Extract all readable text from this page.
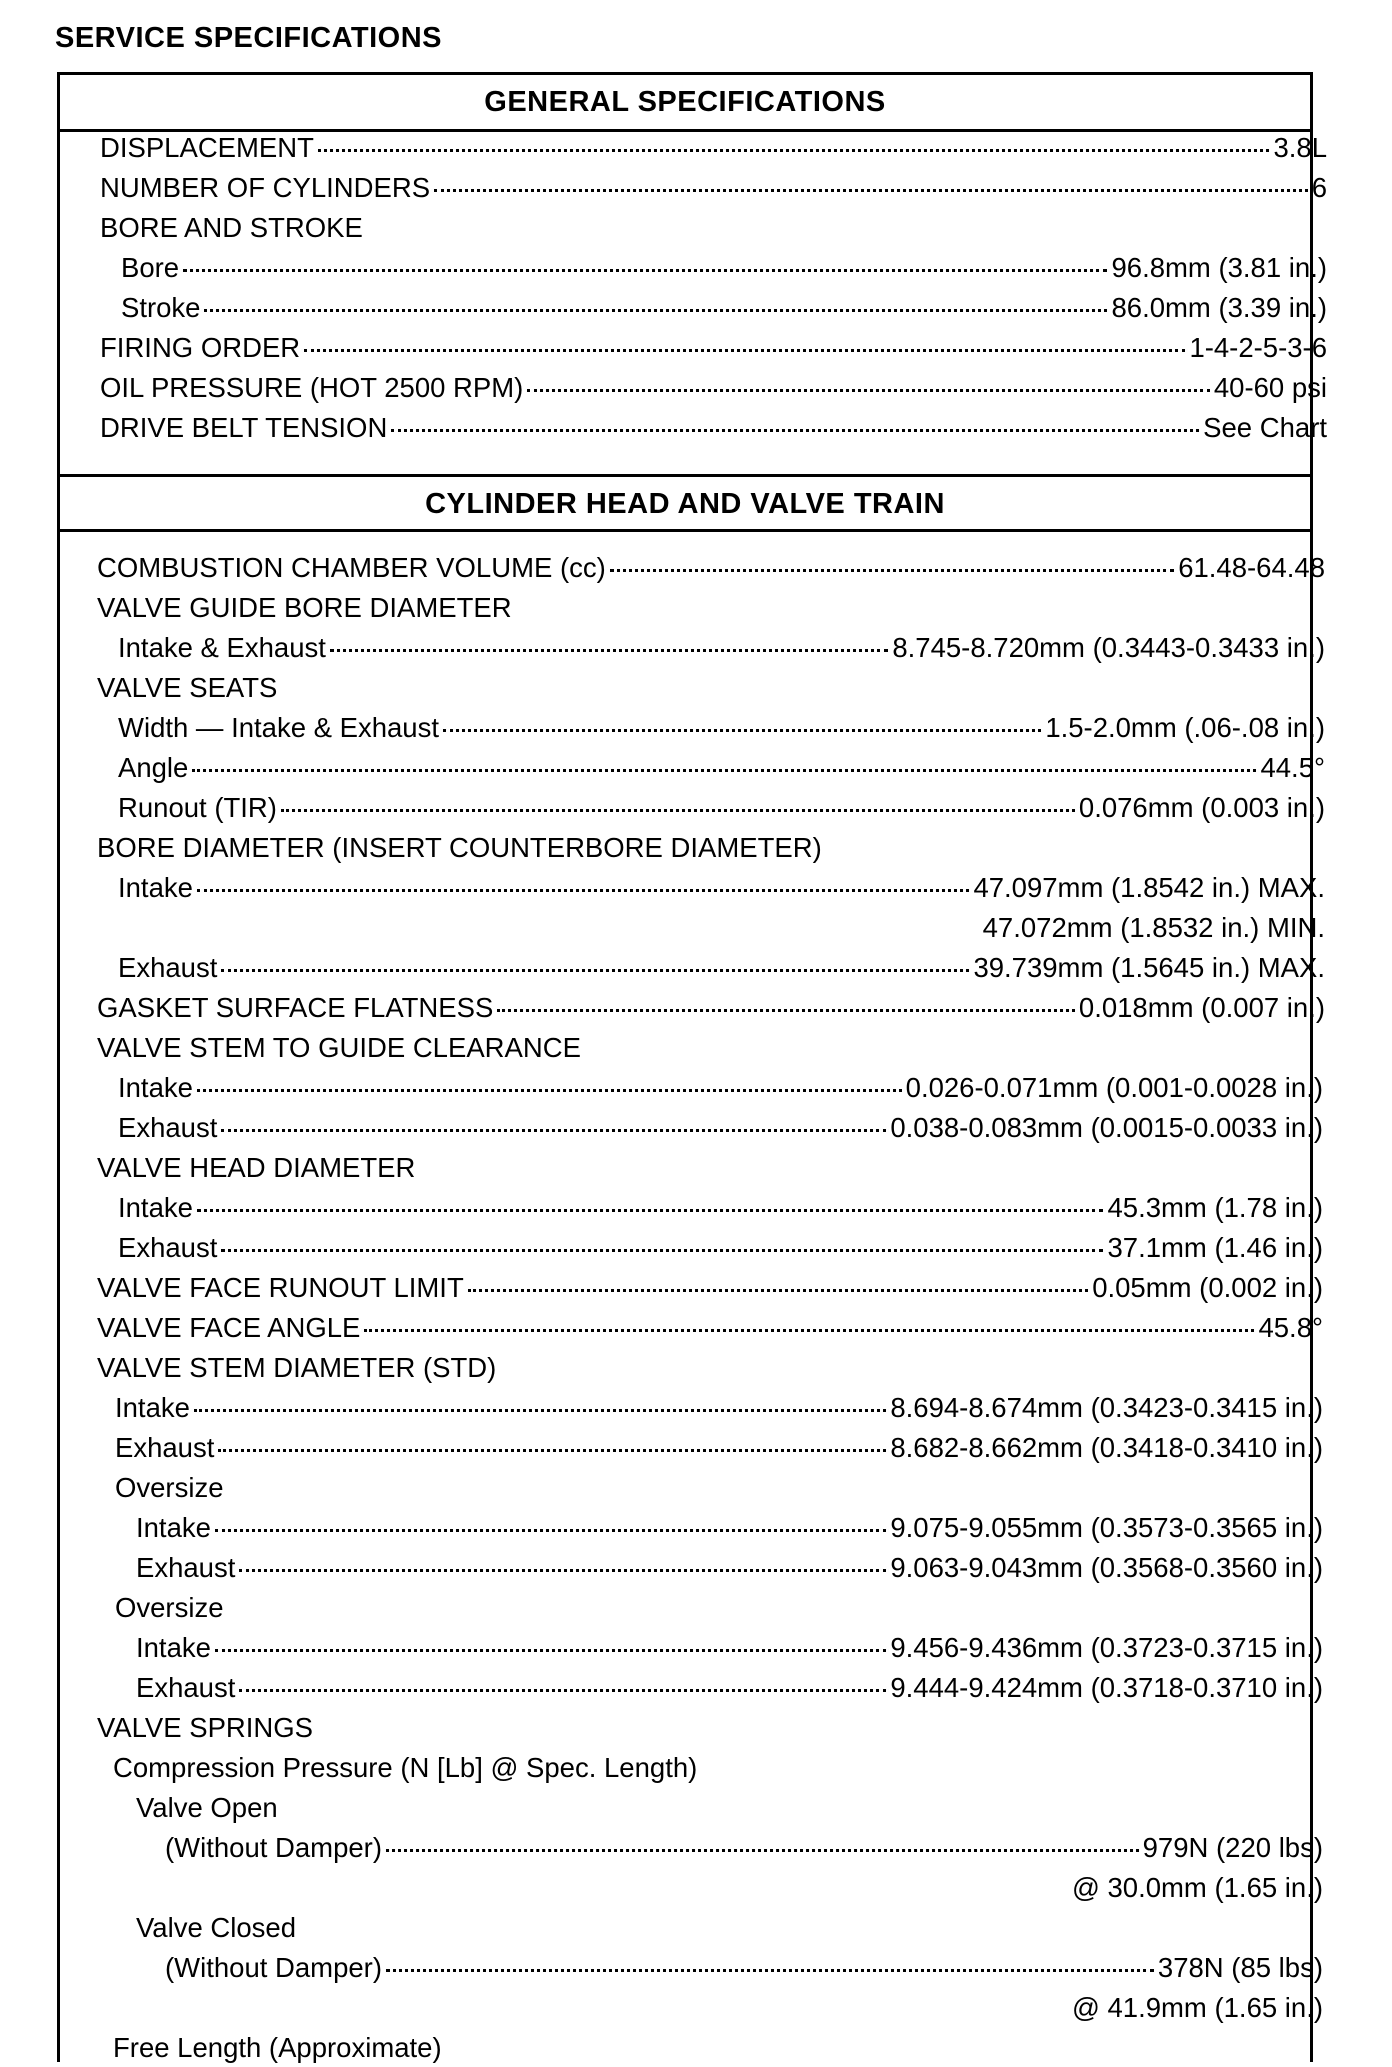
SERVICE SPECIFICATIONS
GENERAL SPECIFICATIONS
DISPLACEMENT	3.8L
NUMBER OF CYLINDERS	6
BORE AND STROKE
Bore	96.8mm (3.81 in.)
Stroke	86.0mm (3.39 in.)
FIRING ORDER	1-4-2-5-3-6
OIL PRESSURE (HOT 2500 RPM)	40-60 psi
DRIVE BELT TENSION	See Chart
CYLINDER HEAD AND VALVE TRAIN
COMBUSTION CHAMBER VOLUME (cc)	61.48-64.48
VALVE GUIDE BORE DIAMETER
Intake & Exhaust	8.745-8.720mm (0.3443-0.3433 in.)
VALVE SEATS
Width — Intake & Exhaust	1.5-2.0mm (.06-.08 in.)
Angle	44.5°
Runout (TIR)	0.076mm (0.003 in.)
BORE DIAMETER (INSERT COUNTERBORE DIAMETER)
Intake	47.097mm (1.8542 in.) MAX.
47.072mm (1.8532 in.) MIN.
Exhaust	39.739mm (1.5645 in.) MAX.
GASKET SURFACE FLATNESS	0.018mm (0.007 in.)
VALVE STEM TO GUIDE CLEARANCE
Intake	0.026-0.071mm (0.001-0.0028 in.)
Exhaust	0.038-0.083mm (0.0015-0.0033 in.)
VALVE HEAD DIAMETER
Intake	45.3mm (1.78 in.)
Exhaust	37.1mm (1.46 in.)
VALVE FACE RUNOUT LIMIT	0.05mm (0.002 in.)
VALVE FACE ANGLE	45.8°
VALVE STEM DIAMETER (STD)
Intake	8.694-8.674mm (0.3423-0.3415 in.)
Exhaust	8.682-8.662mm (0.3418-0.3410 in.)
Oversize
Intake	9.075-9.055mm (0.3573-0.3565 in.)
Exhaust	9.063-9.043mm (0.3568-0.3560 in.)
Oversize
Intake	9.456-9.436mm (0.3723-0.3715 in.)
Exhaust	9.444-9.424mm (0.3718-0.3710 in.)
VALVE SPRINGS
Compression Pressure (N [Lb] @ Spec. Length)
Valve Open
(Without Damper)	979N (220 lbs)
@ 30.0mm (1.65 in.)
Valve Closed
(Without Damper)	378N (85 lbs)
@ 41.9mm (1.65 in.)
Free Length (Approximate)
